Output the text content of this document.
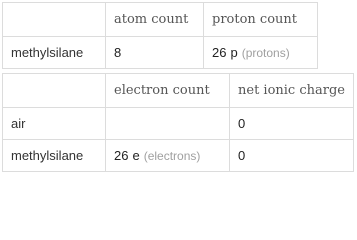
	atom count	proton count
methylsilane	8	26 p (protons)
	electron count	net ionic charge
air		0
methylsilane	26 e (electrons)	0
